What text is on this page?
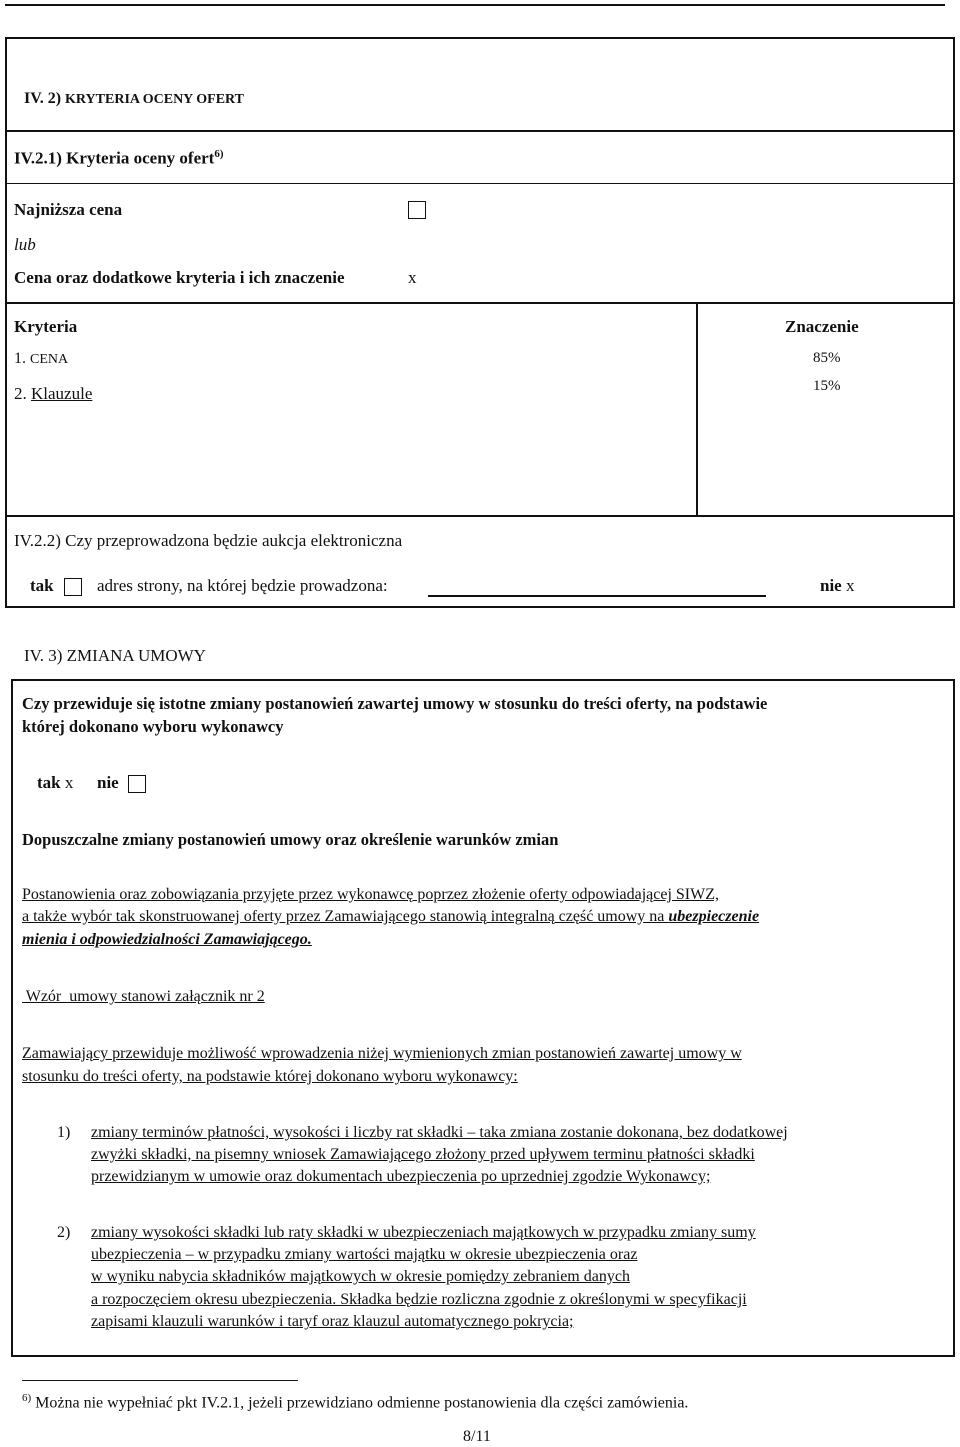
IV. 2) KRYTERIA OCENY OFERT
IV.2.1) Kryteria oceny ofert$^{6)}$
Najniższa cena
lub
Cena oraz dodatkowe kryteria i ich znaczenie	x
Kryteria	Znaczenie
1. CENA	85%
2. Klauzule	15%
IV.2.2) Czy przeprowadzona będzie aukcja elektroniczna
tak	adres strony, na której będzie prowadzona:	nie x
IV. 3) ZMIANA UMOWY
Czy przewiduje się istotne zmiany postanowień zawartej umowy w stosunku do treści oferty, na podstawie
której dokonano wyboru wykonawcy
tak x nie
Dopuszczalne zmiany postanowień umowy oraz określenie warunków zmian
Postanowienia oraz zobowiązania przyjęte przez wykonawcę poprzez złożenie oferty odpowiadającej SIWZ,
a także wybór tak skonstruowanej oferty przez Zamawiającego stanowią integralną część umowy na ubezpieczenie
mienia i odpowiedzialności Zamawiającego.
Wzór  umowy stanowi załącznik nr 2
Zamawiający przewiduje możliwość wprowadzenia niżej wymienionych zmian postanowień zawartej umowy w
stosunku do treści oferty, na podstawie której dokonano wyboru wykonawcy:
1) zmiany terminów płatności, wysokości i liczby rat składki – taka zmiana zostanie dokonana, bez dodatkowej
zwyżki składki, na pisemny wniosek Zamawiającego złożony przed upływem terminu płatności składki
przewidzianym w umowie oraz dokumentach ubezpieczenia po uprzedniej zgodzie Wykonawcy;
2) zmiany wysokości składki lub raty składki w ubezpieczeniach majątkowych w przypadku zmiany sumy
ubezpieczenia – w przypadku zmiany wartości majątku w okresie ubezpieczenia oraz
w wyniku nabycia składników majątkowych w okresie pomiędzy zebraniem danych
a rozpoczęciem okresu ubezpieczenia. Składka będzie rozliczna zgodnie z określonymi w specyfikacji
zapisami klauzuli warunków i taryf oraz klauzul automatycznego pokrycia;
$^{6)}$ Można nie wypełniać pkt IV.2.1, jeżeli przewidziano odmienne postanowienia dla części zamówienia.
8/11
